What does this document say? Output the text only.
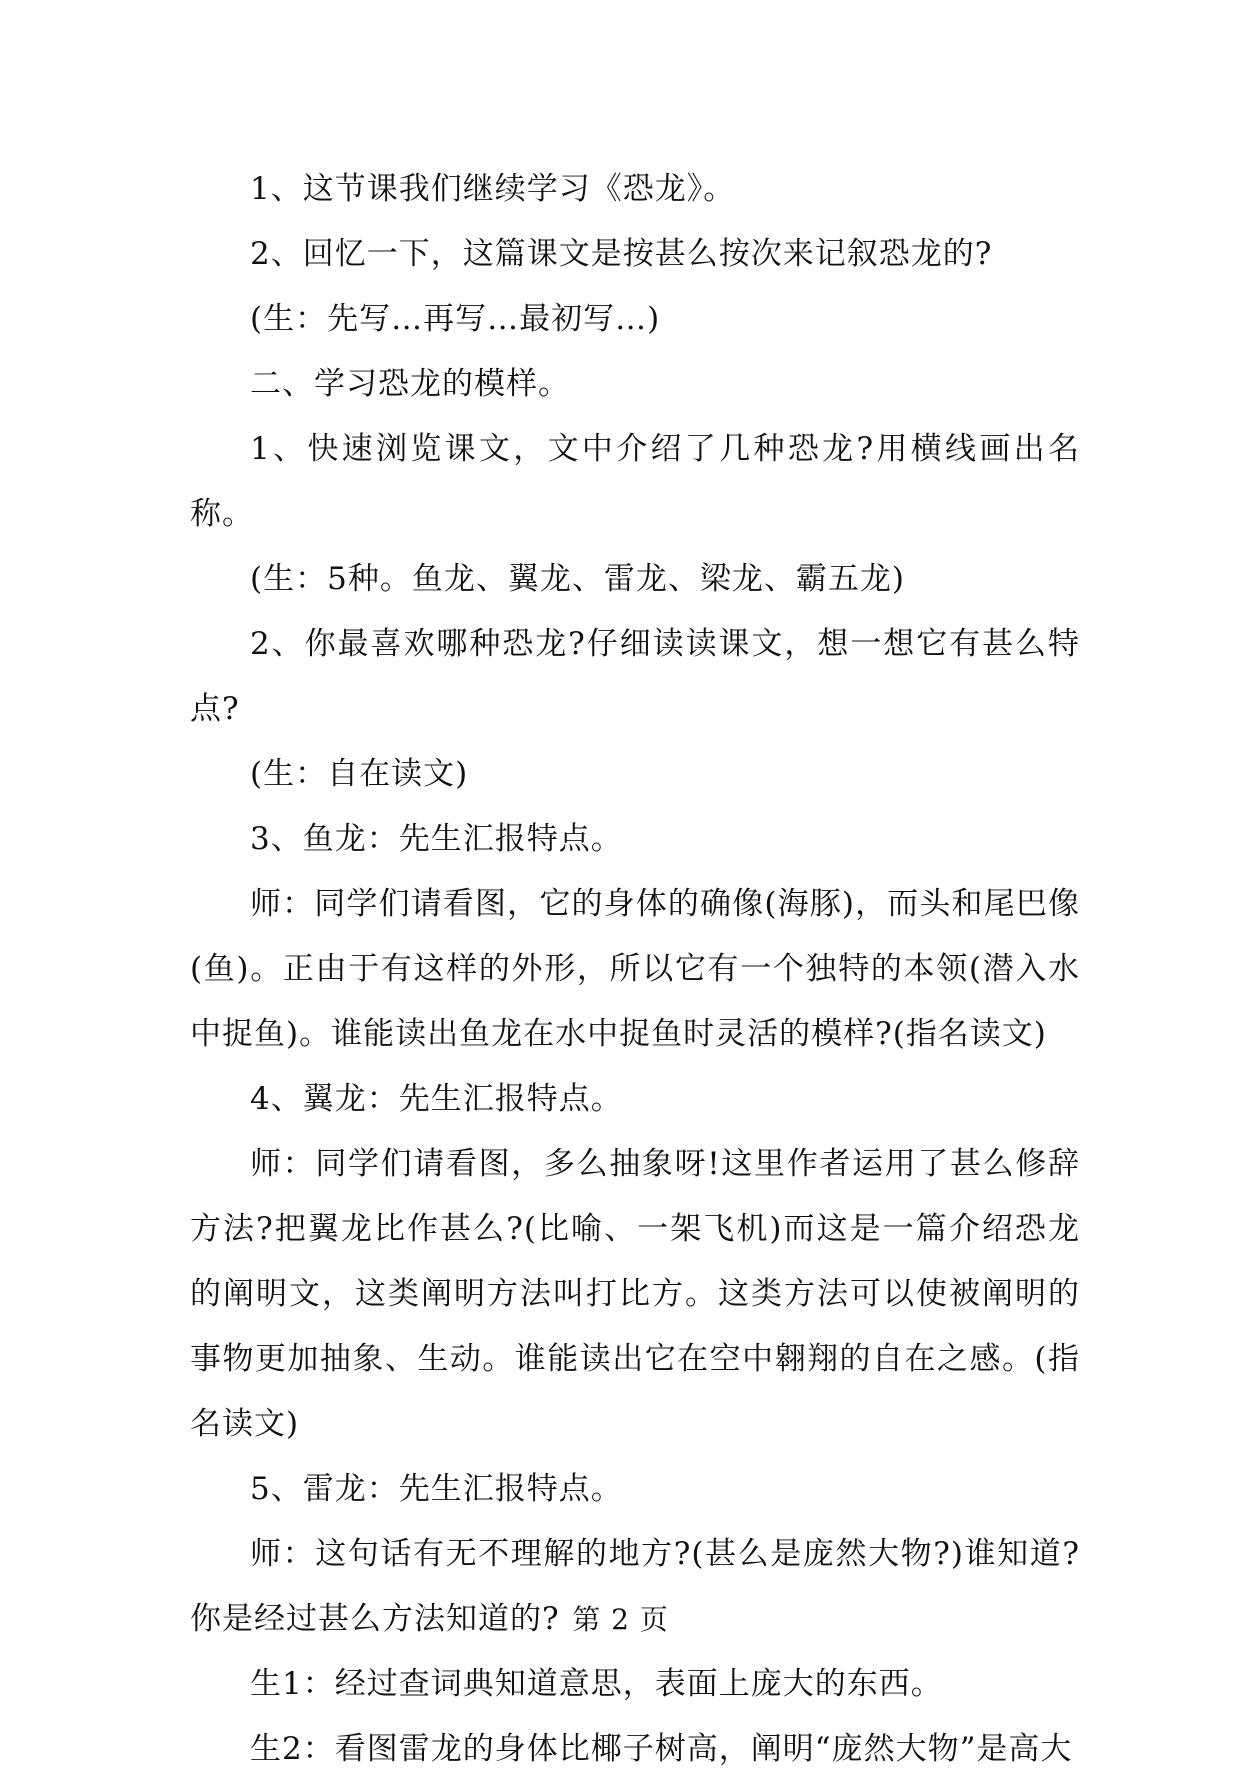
1、这节课我们继续学习《恐龙》。

2、回忆一下，这篇课文是按甚么按次来记叙恐龙的?

(生：先写…再写…最初写…)

二、学习恐龙的模样。

1、快速浏览课文，文中介绍了几种恐龙?用横线画出名称。

(生：5种。鱼龙、翼龙、雷龙、梁龙、霸五龙)

2、你最喜欢哪种恐龙?仔细读读课文，想一想它有甚么特点?

(生：自在读文)

3、鱼龙：先生汇报特点。

师：同学们请看图，它的身体的确像(海豚)，而头和尾巴像(鱼)。正由于有这样的外形，所以它有一个独特的本领(潜入水中捉鱼)。谁能读出鱼龙在水中捉鱼时灵活的模样?(指名读文)

4、翼龙：先生汇报特点。

师：同学们请看图，多么抽象呀!这里作者运用了甚么修辞方法?把翼龙比作甚么?(比喻、一架飞机)而这是一篇介绍恐龙的阐明文，这类阐明方法叫打比方。这类方法可以使被阐明的事物更加抽象、生动。谁能读出它在空中翱翔的自在之感。(指名读文)

5、雷龙：先生汇报特点。

师：这句话有无不理解的地方?(甚么是庞然大物?)谁知道?你是经过甚么方法知道的?

生1：经过查词典知道意思，表面上庞大的东西。

生2：看图雷龙的身体比椰子树高，阐明“庞然大物”是高大

第 2 页
